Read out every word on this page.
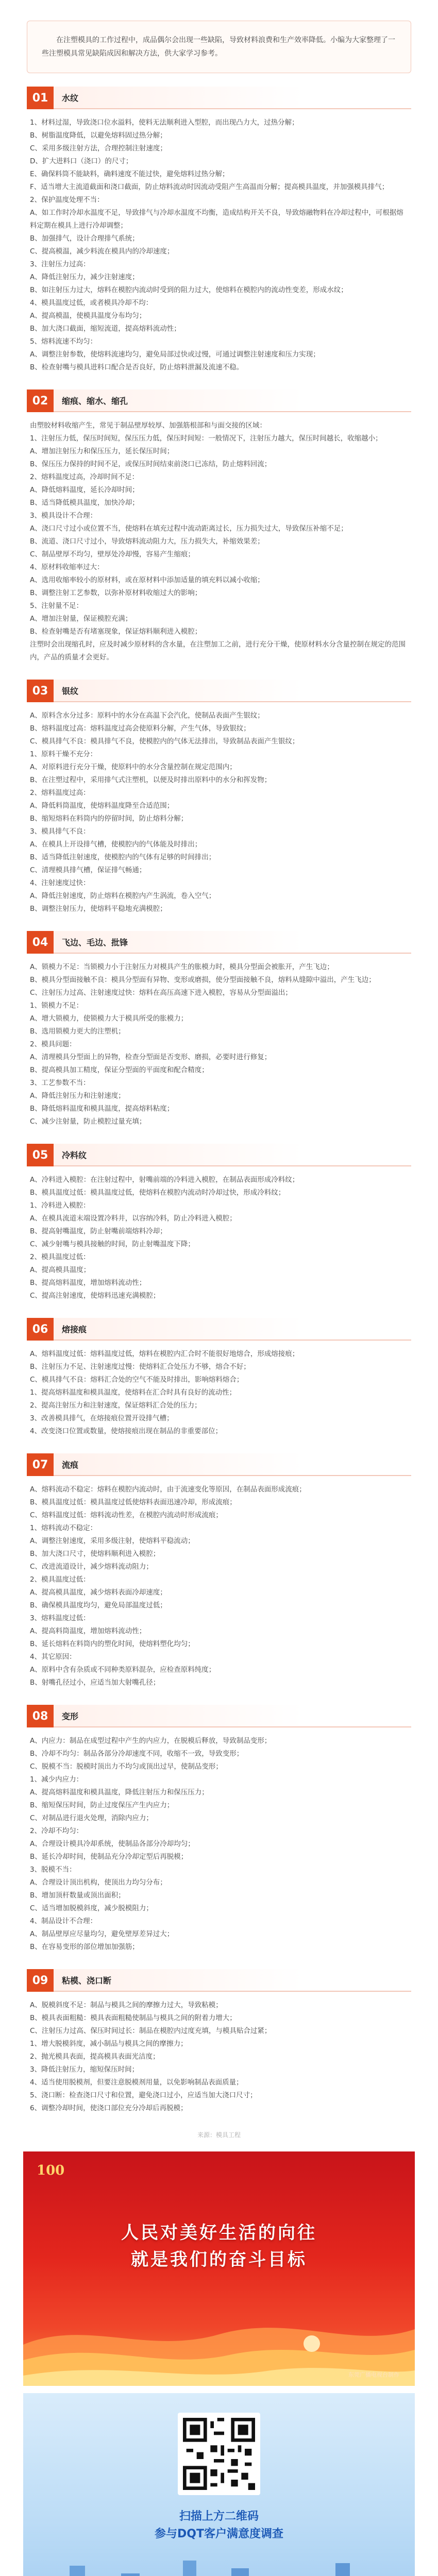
在注塑模具的工作过程中，成品偶尔会出现一些缺陷，导致材料浪费和生产效率降低。小编为大家整理了一些注塑模具常见缺陷成因和解决方法，供大家学习参考。

01	水纹

1、材料过湿，导致浇口位水溢料，使料无法顺利进入型腔，而出现凸力大，过热分解；

B、树脂温度降低，以避免熔料固过热分解；

C、采用多级注射方法，合理控制注射速度；

D、扩大进料口（浇口）的尺寸；

E、确保料筒不能缺料，确料速度不能过快，避免熔料过热分解；

F、适当增大主流道截面和浇口截面，防止熔料流动时因流动受阻产生高温而分解；提高模具温度，并加强模具排气；

2、保护温度处理不当：

A、如工作时冷却水温度不足，导致排气与冷却水温度不均衡，造成结构开关不良，导致熔融物料在冷却过程中，可根据熔料定期在模具上进行冷却调整；

B、加强排气，设计合理排气系统；

C、提高模温，减少料流在模具内的冷却速度；

3、注射压力过高：

A、降低注射压力，减少注射速度；

B、如注射压力过大，熔料在模腔内流动时受到的阻力过大，使熔料在模腔内的流动性变差，形成水纹；

4、模具温度过低，或者模具冷却不均：

A、提高模温，使模具温度分布均匀；

B、加大浇口截面，缩短流道，提高熔料流动性；

5、熔料流速不均匀：

A、调整注射参数，使熔料流速均匀，避免局部过快或过慢，可通过调整注射速度和压力实现；

B、检查射嘴与模具进料口配合是否良好，防止熔料泄漏及流速不稳。

02	缩痕、缩水、缩孔

由塑胶材料收缩产生，常见于制品壁厚较厚、加强筋根部和与面交接的区域：

1、注射压力低，保压时间短，保压压力低，保压时间短：一般情况下，注射压力越大，保压时间越长，收缩越小；

A、增加注射压力和保压压力，延长保压时间；

B、保压压力保持的时间不足，或保压时间结束前浇口已冻结，防止熔料回流；

2、熔料温度过高，冷却时间不足：

A、降低熔料温度，延长冷却时间；

B、适当降低模具温度，加快冷却；

3、模具设计不合理：

A、浇口尺寸过小或位置不当，使熔料在填充过程中流动距离过长，压力损失过大，导致保压补缩不足；

B、流道、浇口尺寸过小，导致熔料流动阻力大，压力损失大，补缩效果差；

C、制品壁厚不均匀，壁厚处冷却慢，容易产生缩痕；

4、原材料收缩率过大：

A、选用收缩率较小的原材料，或在原材料中添加适量的填充料以减小收缩；

B、调整注射工艺参数，以弥补原材料收缩过大的影响；

5、注射量不足：

A、增加注射量，保证模腔充满；

B、检查射嘴是否有堵塞现象，保证熔料顺利进入模腔；

注塑时会出现缩孔时，应及时减少原材料的含水量，在注塑加工之前，进行充分干燥，使原材料水分含量控制在规定的范围内，产品的质量才会更好。

03	银纹

A、原料含水分过多：原料中的水分在高温下会汽化，使制品表面产生银纹；

B、熔料温度过高：熔料温度过高会使原料分解，产生气体，导致银纹；

C、模具排气不良：模具排气不良，使模腔内的气体无法排出，导致制品表面产生银纹；

1、原料干燥不充分：

A、对原料进行充分干燥，使原料中的水分含量控制在规定范围内；

B、在注塑过程中，采用排气式注塑机，以便及时排出原料中的水分和挥发物；

2、熔料温度过高：

A、降低料筒温度，使熔料温度降至合适范围；

B、缩短熔料在料筒内的停留时间，防止熔料分解；

3、模具排气不良：

A、在模具上开设排气槽，使模腔内的气体能及时排出；

B、适当降低注射速度，使模腔内的气体有足够的时间排出；

C、清理模具排气槽，保证排气畅通；

4、注射速度过快：

A、降低注射速度，防止熔料在模腔内产生涡流，卷入空气；

B、调整注射压力，使熔料平稳地充满模腔；

04	飞边、毛边、批锋

A、锁模力不足：当锁模力小于注射压力对模具产生的胀模力时，模具分型面会被胀开，产生飞边；

B、模具分型面接触不良：模具分型面有异物、变形或磨损，使分型面接触不良，熔料从缝隙中溢出，产生飞边；

C、注射压力过高、注射速度过快：熔料在高压高速下进入模腔，容易从分型面溢出；

1、锁模力不足：

A、增大锁模力，使锁模力大于模具所受的胀模力；

B、选用锁模力更大的注塑机；

2、模具问题：

A、清理模具分型面上的异物，检查分型面是否变形、磨损，必要时进行修复；

B、提高模具加工精度，保证分型面的平面度和配合精度；

3、工艺参数不当：

A、降低注射压力和注射速度；

B、降低熔料温度和模具温度，提高熔料粘度；

C、减少注射量，防止模腔过量充填；

05	冷料纹

A、冷料进入模腔：在注射过程中，射嘴前端的冷料进入模腔，在制品表面形成冷料纹；

B、模具温度过低：模具温度过低，使熔料在模腔内流动时冷却过快，形成冷料纹；

1、冷料进入模腔：

A、在模具流道末端设置冷料井，以容纳冷料，防止冷料进入模腔；

B、提高射嘴温度，防止射嘴前端熔料冷却；

C、减少射嘴与模具接触的时间，防止射嘴温度下降；

2、模具温度过低：

A、提高模具温度；

B、提高熔料温度，增加熔料流动性；

C、提高注射速度，使熔料迅速充满模腔；

06	熔接痕

A、熔料温度过低：熔料温度过低，熔料在模腔内汇合时不能很好地熔合，形成熔接痕；

B、注射压力不足、注射速度过慢：使熔料汇合处压力不够，熔合不好；

C、模具排气不良：熔料汇合处的空气不能及时排出，影响熔料熔合；

1、提高熔料温度和模具温度，使熔料在汇合时具有良好的流动性；

2、提高注射压力和注射速度，保证熔料汇合处的压力；

3、改善模具排气，在熔接痕位置开设排气槽；

4、改变浇口位置或数量，使熔接痕出现在制品的非重要部位；

07	流痕

A、熔料流动不稳定：熔料在模腔内流动时，由于流速变化等原因，在制品表面形成流痕；

B、模具温度过低：模具温度过低使熔料表面迅速冷却，形成流痕；

C、熔料温度过低：熔料流动性差，在模腔内流动时形成流痕；

1、熔料流动不稳定：

A、调整注射速度，采用多级注射，使熔料平稳流动；

B、加大浇口尺寸，使熔料顺利进入模腔；

C、改进流道设计，减少熔料流动阻力；

2、模具温度过低：

A、提高模具温度，减少熔料表面冷却速度；

B、确保模具温度均匀，避免局部温度过低；

3、熔料温度过低：

A、提高料筒温度，增加熔料流动性；

B、延长熔料在料筒内的塑化时间，使熔料塑化均匀；

4、其它原因：

A、原料中含有杂质或不同种类原料混杂，应检查原料纯度；

B、射嘴孔径过小，应适当加大射嘴孔径；

08	变形

A、内应力：制品在成型过程中产生的内应力，在脱模后释放，导致制品变形；

B、冷却不均匀：制品各部分冷却速度不同，收缩不一致，导致变形；

C、脱模不当：脱模时顶出力不均匀或顶出过早，使制品变形；

1、减少内应力：

A、提高熔料温度和模具温度，降低注射压力和保压压力；

B、缩短保压时间，防止过度保压产生内应力；

C、对制品进行退火处理，消除内应力；

2、冷却不均匀：

A、合理设计模具冷却系统，使制品各部分冷却均匀；

B、延长冷却时间，使制品充分冷却定型后再脱模；

3、脱模不当：

A、合理设计顶出机构，使顶出力均匀分布；

B、增加顶杆数量或顶出面积；

C、适当增加脱模斜度，减少脱模阻力；

4、制品设计不合理：

A、制品壁厚应尽量均匀，避免壁厚差异过大；

B、在容易变形的部位增加加强筋；

09	粘模、浇口断

A、脱模斜度不足：制品与模具之间的摩擦力过大，导致粘模；

B、模具表面粗糙：模具表面粗糙使制品与模具之间的附着力增大；

C、注射压力过高、保压时间过长：制品在模腔内过度充填，与模具贴合过紧；

1、增大脱模斜度，减小制品与模具之间的摩擦力；

2、抛光模具表面，提高模具表面光洁度；

3、降低注射压力，缩短保压时间；

4、适当使用脱模剂，但要注意脱模剂用量，以免影响制品表面质量；

5、浇口断：检查浇口尺寸和位置，避免浇口过小，应适当加大浇口尺寸；

6、调整冷却时间，使浇口部位充分冷却后再脱模；

来源：模具工程
100
人民对美好生活的向往
就是我们的奋斗目标
东莞广播电视台制作
扫描上方二维码
参与DQT客户满意度调查
